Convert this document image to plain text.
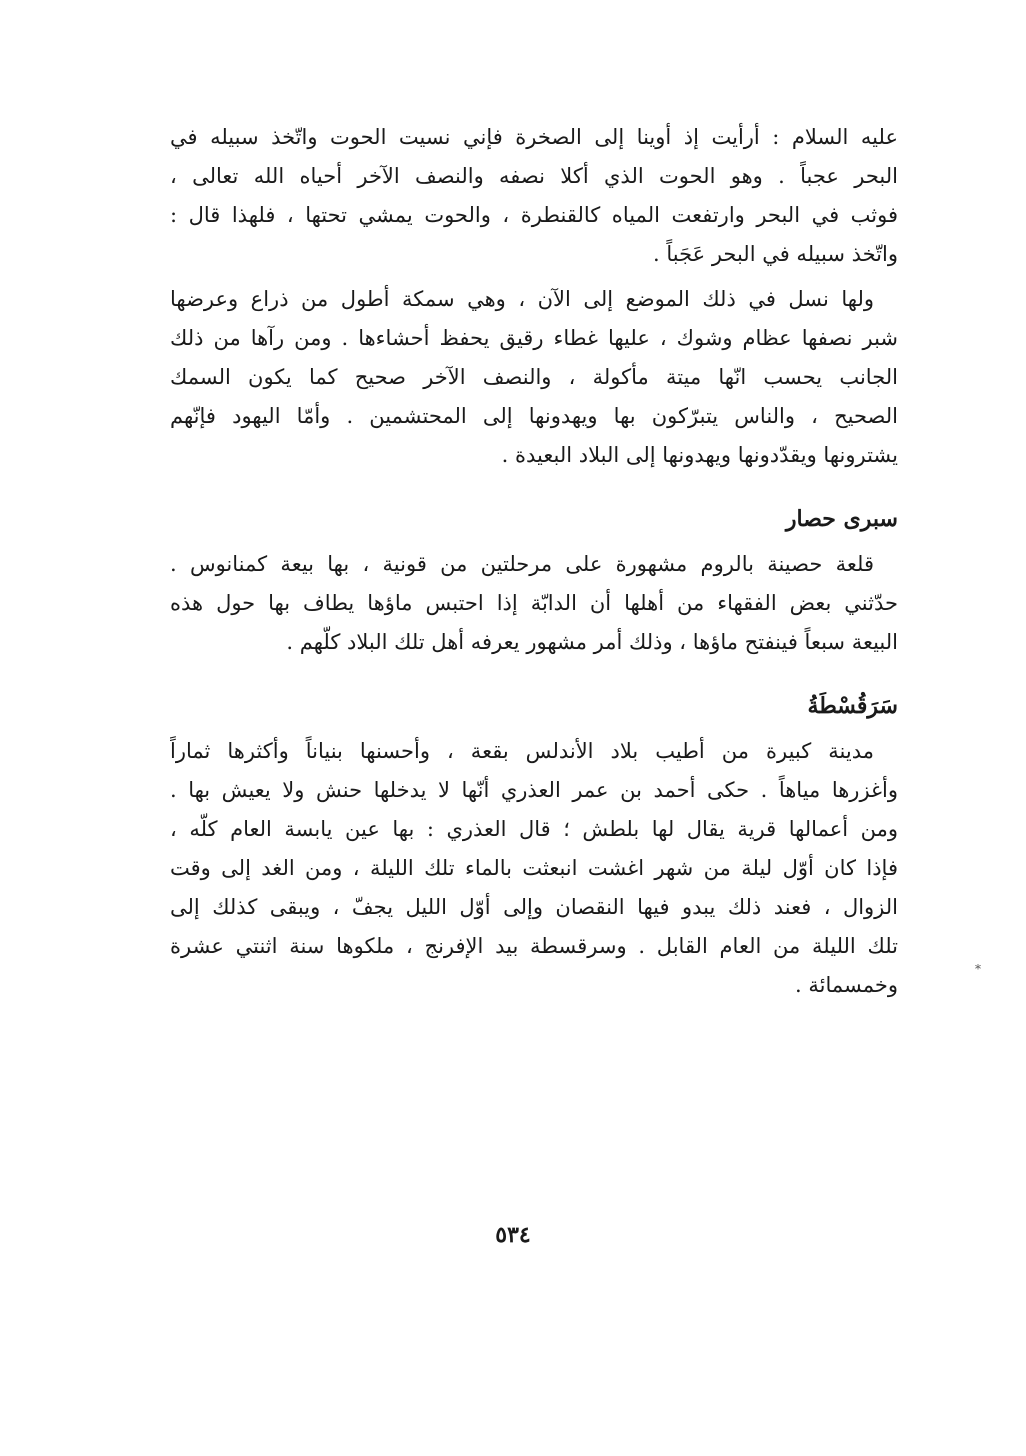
عليه السلام : أرأيت إذ أوينا إلى الصخرة فإني نسيت الحوت واتّخذ سبيله في
البحر عجباً . وهو الحوت الذي أكلا نصفه والنصف الآخر أحياه الله تعالى ،
فوثب في البحر وارتفعت المياه كالقنطرة ، والحوت يمشي تحتها ، فلهذا قال :
واتّخذ سبيله في البحر عَجَباً .
ولها نسل في ذلك الموضع إلى الآن ، وهي سمكة أطول من ذراع وعرضها
شبر نصفها عظام وشوك ، عليها غطاء رقيق يحفظ أحشاءها . ومن رآها من ذلك
الجانب يحسب انّها ميتة مأكولة ، والنصف الآخر صحيح كما يكون السمك
الصحيح ، والناس يتبرّكون بها ويهدونها إلى المحتشمين . وأمّا اليهود فإنّهم
يشترونها ويقدّدونها ويهدونها إلى البلاد البعيدة .
سبرى حصار
قلعة حصينة بالروم مشهورة على مرحلتين من قونية ، بها بيعة كمنانوس .
حدّثني بعض الفقهاء من أهلها أن الدابّة إذا احتبس ماؤها يطاف بها حول هذه
البيعة سبعاً فينفتح ماؤها ، وذلك أمر مشهور يعرفه أهل تلك البلاد كلّهم .
سَرَقُسْطَةُ
مدينة كبيرة من أطيب بلاد الأندلس بقعة ، وأحسنها بنياناً وأكثرها ثماراً
وأغزرها مياهاً . حكى أحمد بن عمر العذري أنّها لا يدخلها حنش ولا يعيش بها .
ومن أعمالها قرية يقال لها بلطش ؛ قال العذري : بها عين يابسة العام كلّه ،
فإذا كان أوّل ليلة من شهر اغشت انبعثت بالماء تلك الليلة ، ومن الغد إلى وقت
الزوال ، فعند ذلك يبدو فيها النقصان وإلى أوّل الليل يجفّ ، ويبقى كذلك إلى
تلك الليلة من العام القابل . وسرقسطة بيد الإفرنج ، ملكوها سنة اثنتي عشرة
وخمسمائة .
*
٥٣٤
